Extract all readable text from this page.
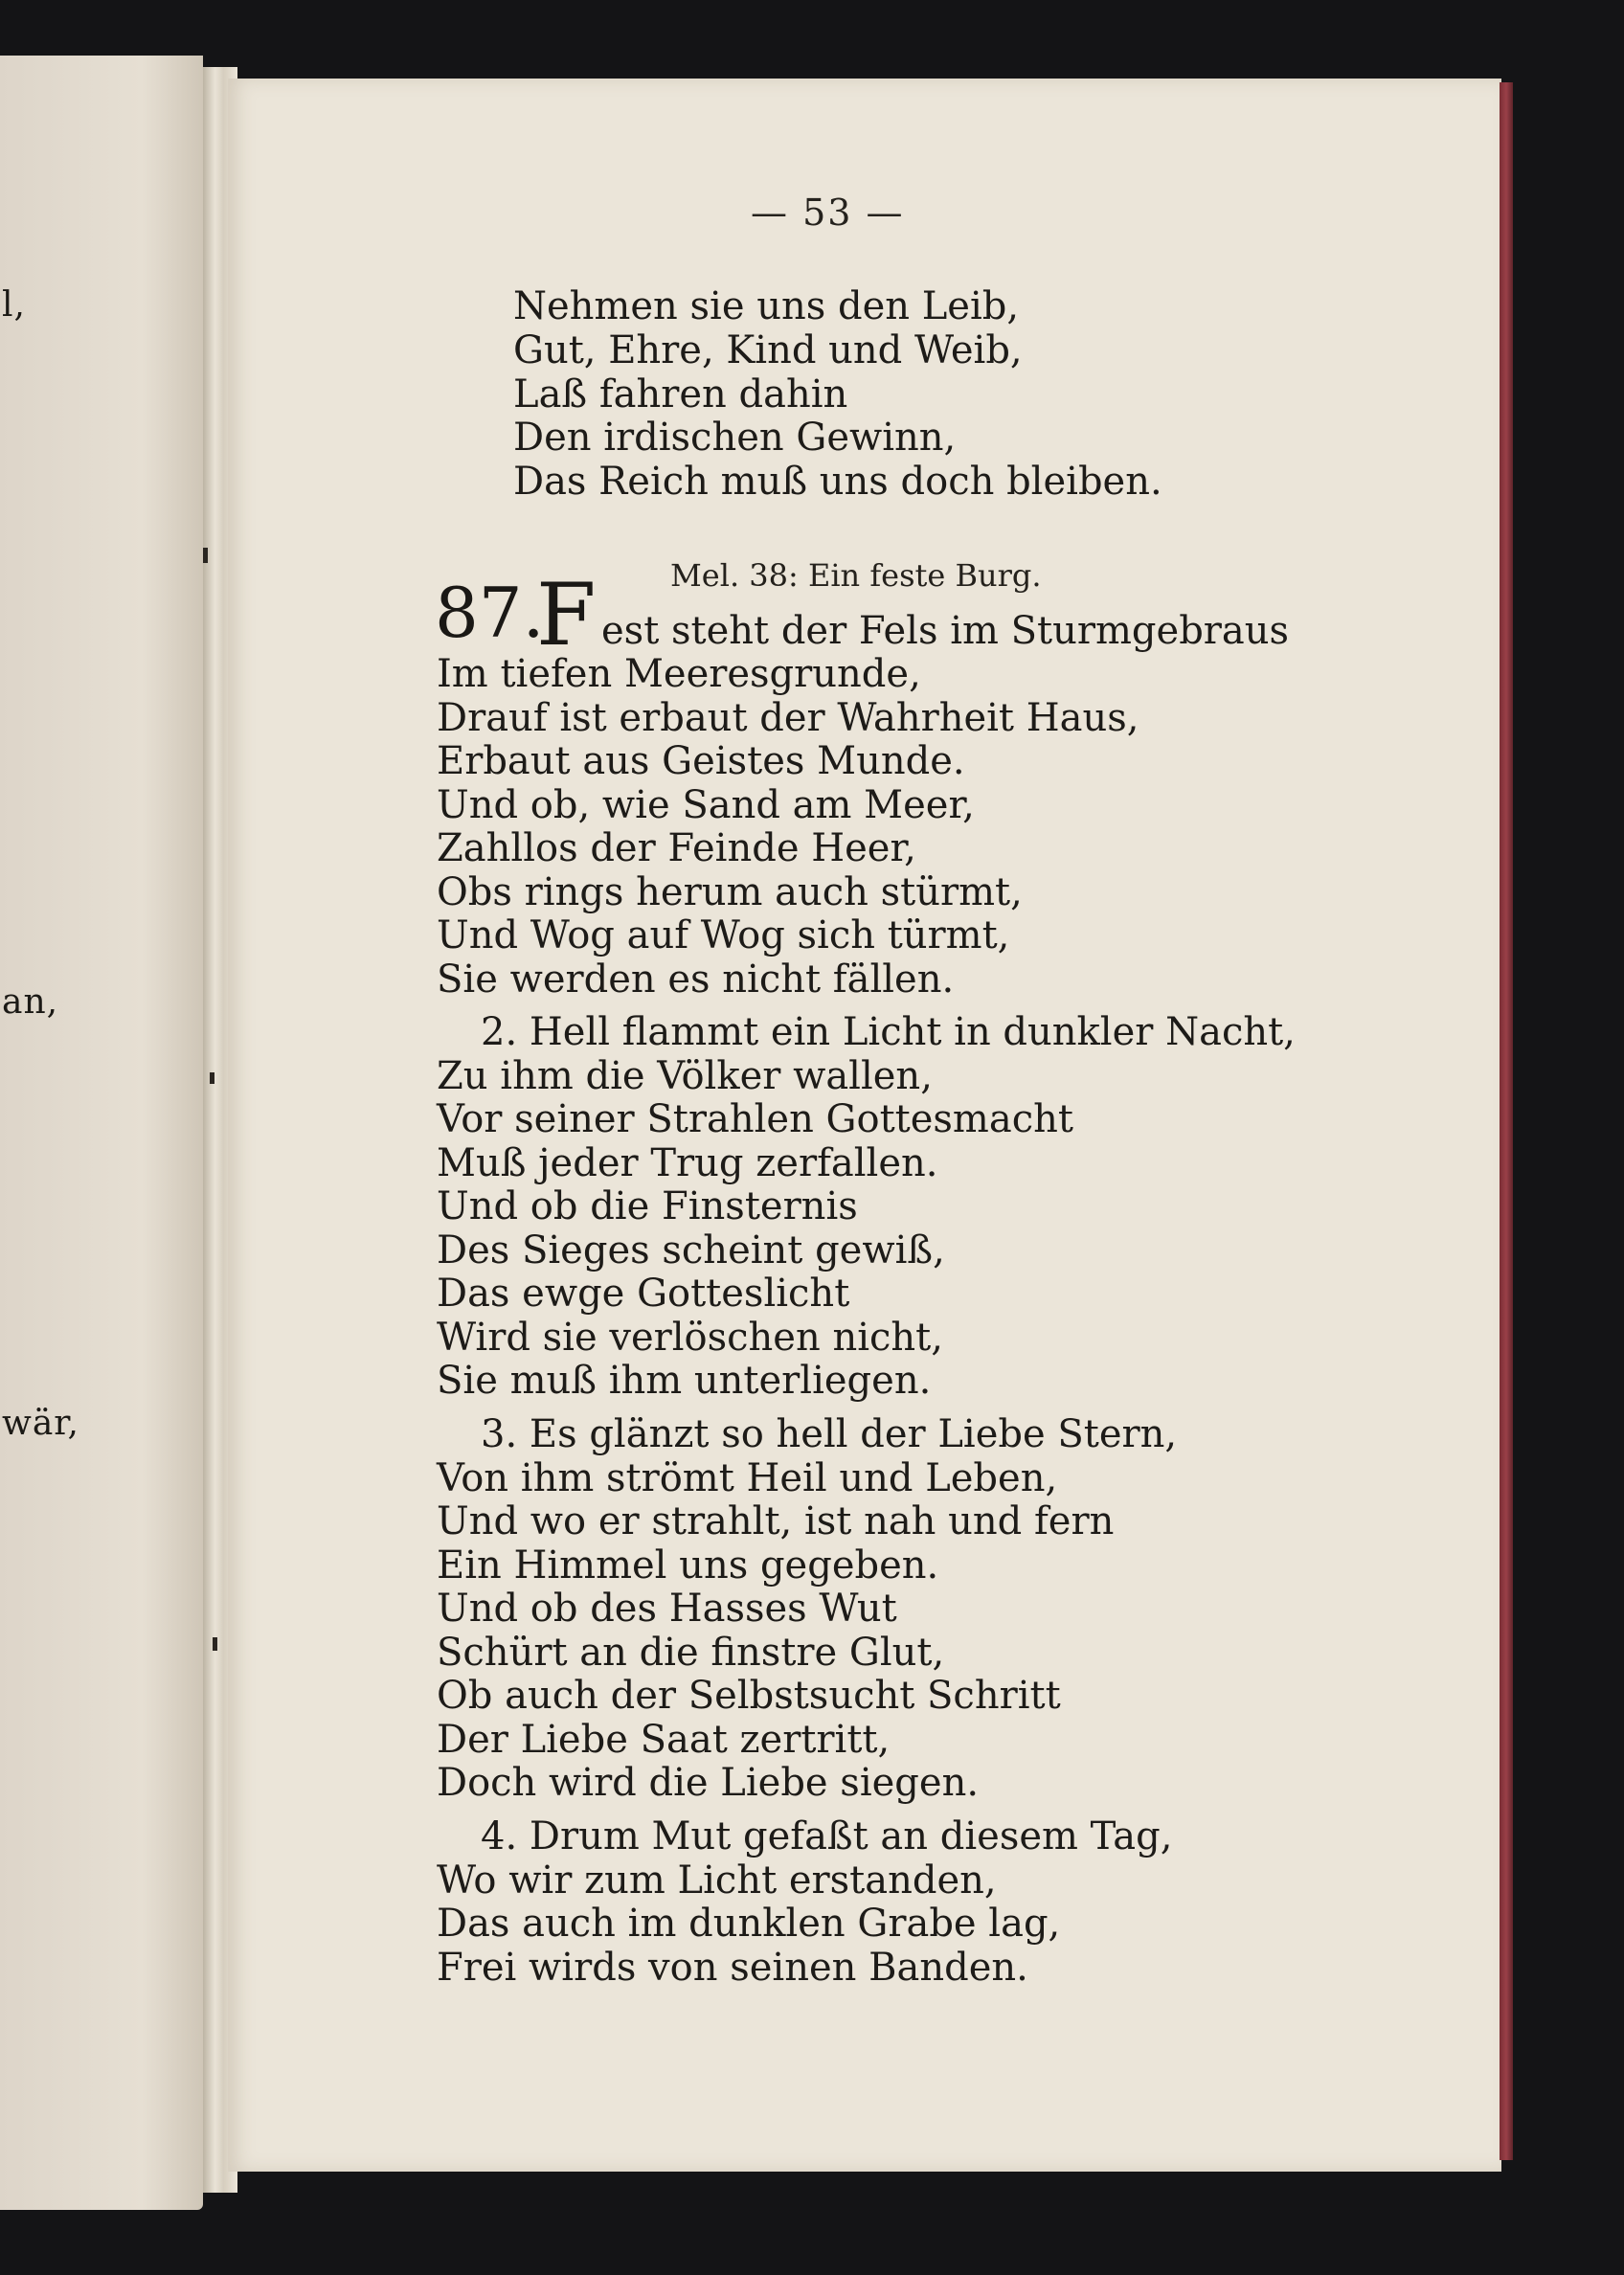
l,
an,
wär,
— 53 —
Nehmen sie uns den Leib,
Gut, Ehre, Kind und Weib,
Laß fahren dahin
Den irdischen Gewinn,
Das Reich muß uns doch bleiben.
Mel. 38: Ein feste Burg.
87.
F est steht der Fels im Sturmgebraus
Im tiefen Meeresgrunde,
Drauf ist erbaut der Wahrheit Haus,
Erbaut aus Geistes Munde.
Und ob, wie Sand am Meer,
Zahllos der Feinde Heer,
Obs rings herum auch stürmt,
Und Wog auf Wog sich türmt,
Sie werden es nicht fällen.
2. Hell flammt ein Licht in dunkler Nacht,
Zu ihm die Völker wallen,
Vor seiner Strahlen Gottesmacht
Muß jeder Trug zerfallen.
Und ob die Finsternis
Des Sieges scheint gewiß,
Das ewge Gotteslicht
Wird sie verlöschen nicht,
Sie muß ihm unterliegen.
3. Es glänzt so hell der Liebe Stern,
Von ihm strömt Heil und Leben,
Und wo er strahlt, ist nah und fern
Ein Himmel uns gegeben.
Und ob des Hasses Wut
Schürt an die finstre Glut,
Ob auch der Selbstsucht Schritt
Der Liebe Saat zertritt,
Doch wird die Liebe siegen.
4. Drum Mut gefaßt an diesem Tag,
Wo wir zum Licht erstanden,
Das auch im dunklen Grabe lag,
Frei wirds von seinen Banden.
